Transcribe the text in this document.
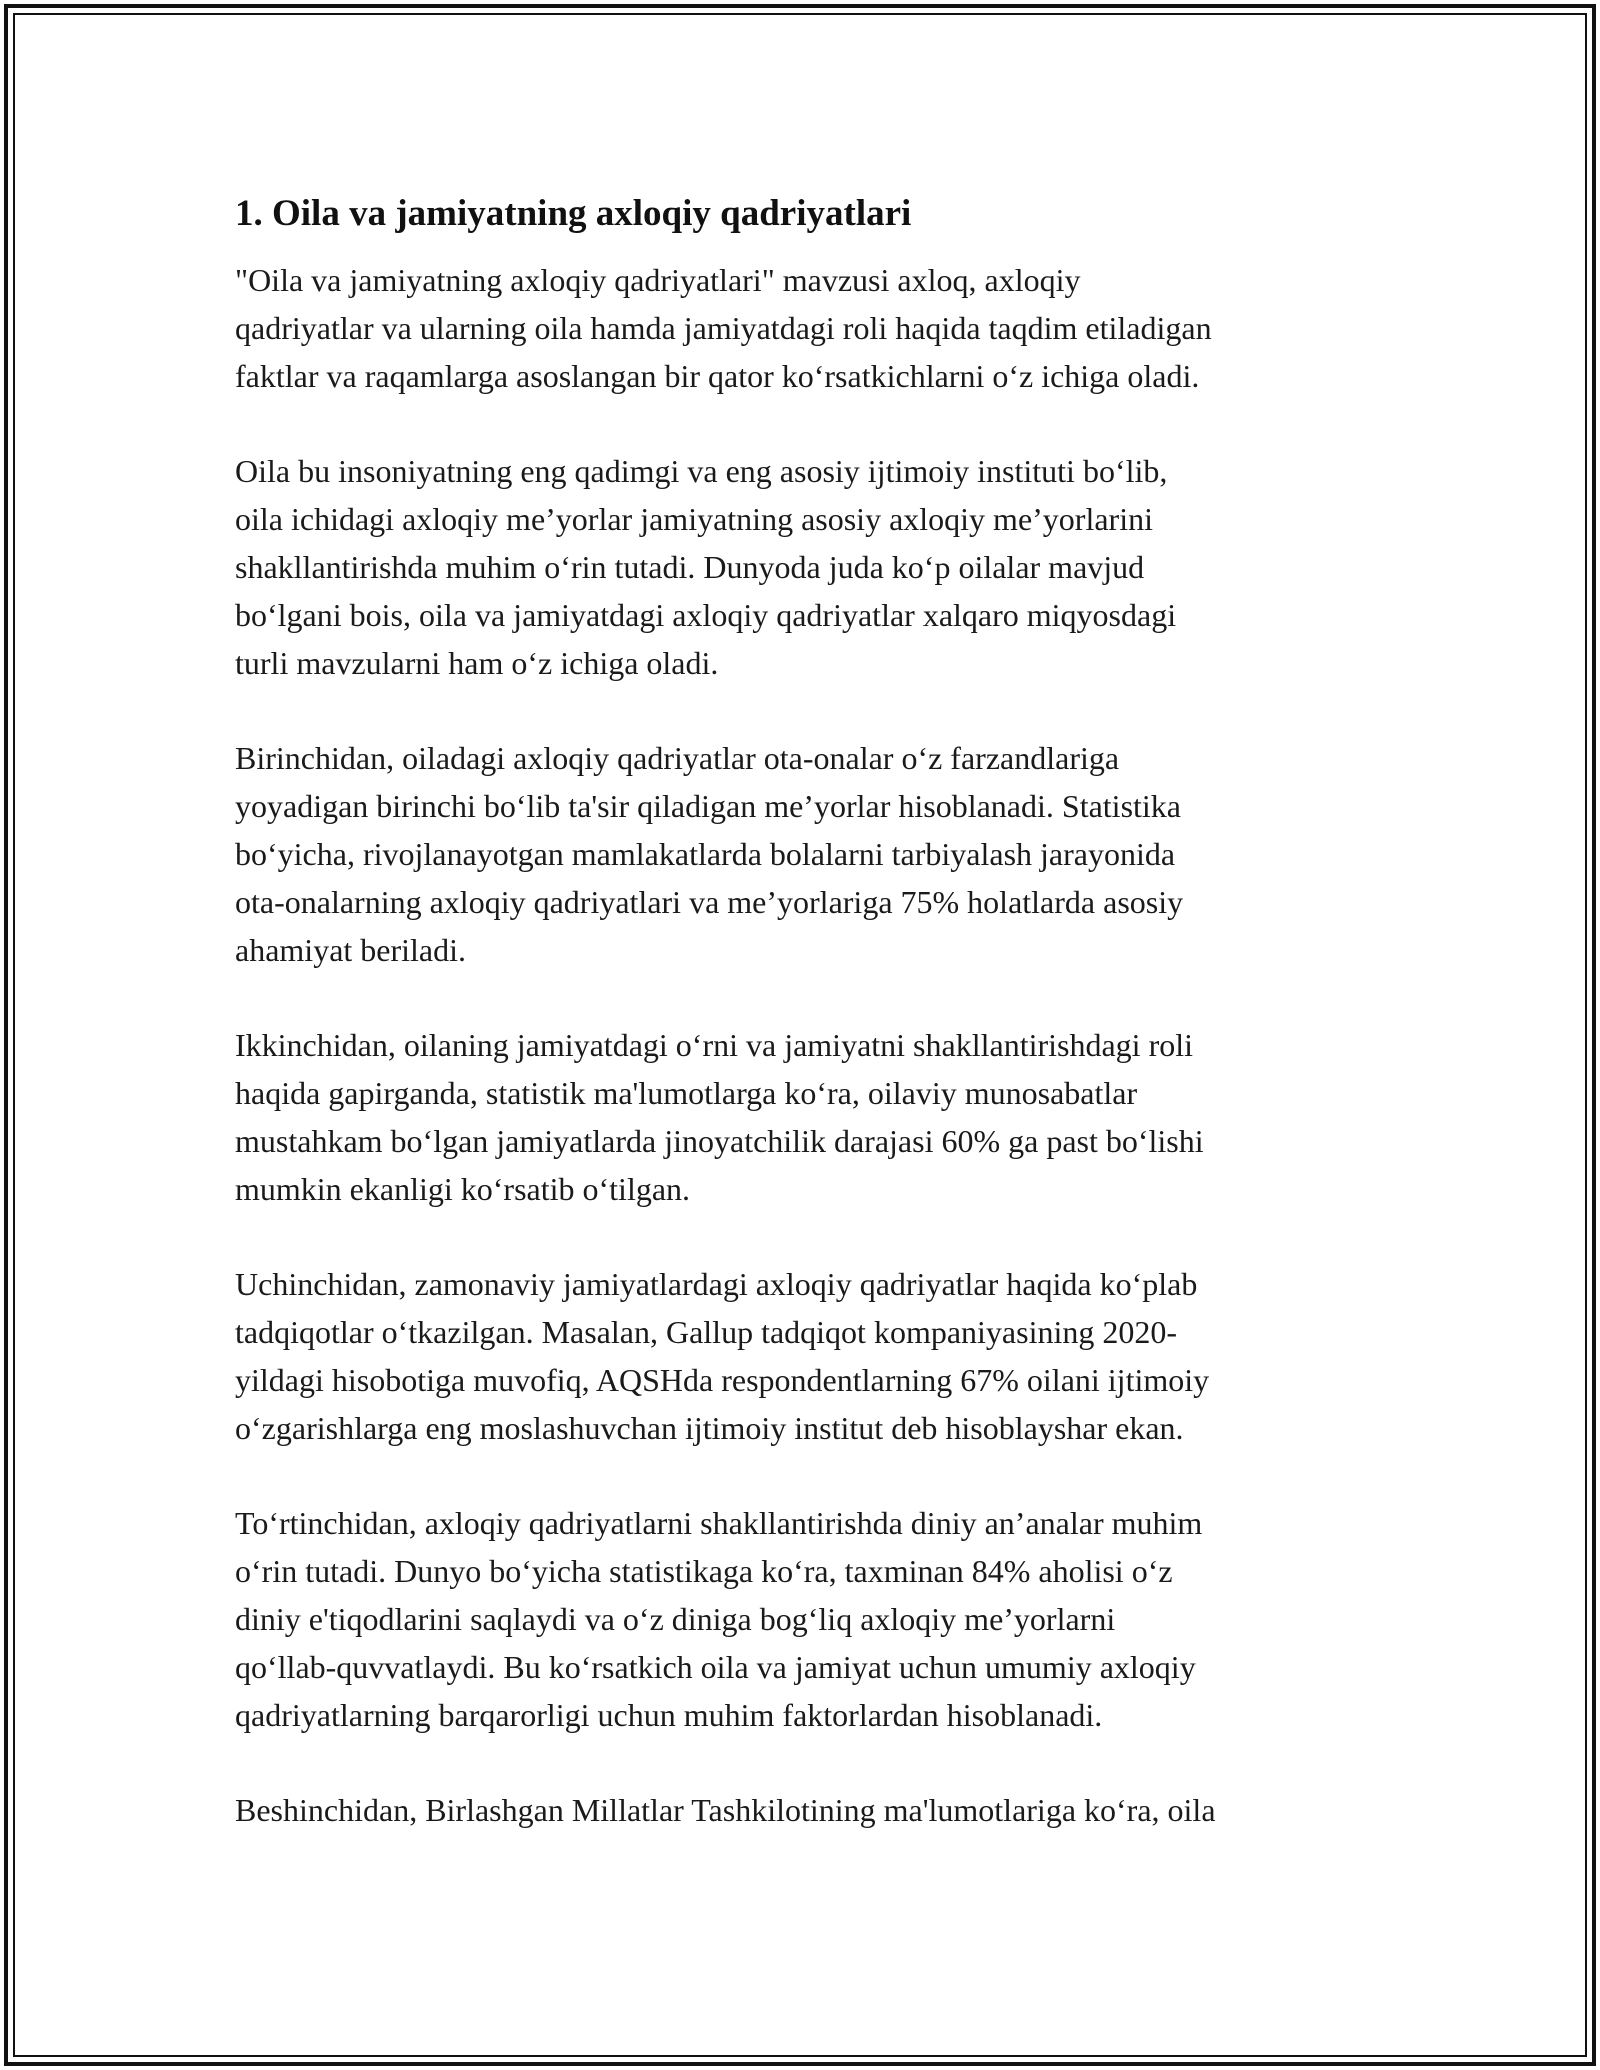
1. Oila va jamiyatning axloqiy qadriyatlari

"Oila va jamiyatning axloqiy qadriyatlari" mavzusi axloq, axloqiy
qadriyatlar va ularning oila hamda jamiyatdagi roli haqida taqdim etiladigan
faktlar va raqamlarga asoslangan bir qator koʻrsatkichlarni oʻz ichiga oladi.

Oila bu insoniyatning eng qadimgi va eng asosiy ijtimoiy instituti boʻlib,
oila ichidagi axloqiy me’yorlar jamiyatning asosiy axloqiy me’yorlarini
shakllantirishda muhim oʻrin tutadi. Dunyoda juda koʻp oilalar mavjud
boʻlgani bois, oila va jamiyatdagi axloqiy qadriyatlar xalqaro miqyosdagi
turli mavzularni ham oʻz ichiga oladi.

Birinchidan, oiladagi axloqiy qadriyatlar ota-onalar oʻz farzandlariga
yoyadigan birinchi boʻlib ta'sir qiladigan me’yorlar hisoblanadi. Statistika
boʻyicha, rivojlanayotgan mamlakatlarda bolalarni tarbiyalash jarayonida
ota-onalarning axloqiy qadriyatlari va me’yorlariga 75% holatlarda asosiy
ahamiyat beriladi.

Ikkinchidan, oilaning jamiyatdagi oʻrni va jamiyatni shakllantirishdagi roli
haqida gapirganda, statistik ma'lumotlarga koʻra, oilaviy munosabatlar
mustahkam boʻlgan jamiyatlarda jinoyatchilik darajasi 60% ga past boʻlishi
mumkin ekanligi koʻrsatib oʻtilgan.

Uchinchidan, zamonaviy jamiyatlardagi axloqiy qadriyatlar haqida koʻplab
tadqiqotlar oʻtkazilgan. Masalan, Gallup tadqiqot kompaniyasining 2020-
yildagi hisobotiga muvofiq, AQSHda respondentlarning 67% oilani ijtimoiy
oʻzgarishlarga eng moslashuvchan ijtimoiy institut deb hisoblayshar ekan.

Toʻrtinchidan, axloqiy qadriyatlarni shakllantirishda diniy an’analar muhim
oʻrin tutadi. Dunyo boʻyicha statistikaga koʻra, taxminan 84% aholisi oʻz
diniy e'tiqodlarini saqlaydi va oʻz diniga bogʻliq axloqiy me’yorlarni
qoʻllab-quvvatlaydi. Bu koʻrsatkich oila va jamiyat uchun umumiy axloqiy
qadriyatlarning barqarorligi uchun muhim faktorlardan hisoblanadi.

Beshinchidan, Birlashgan Millatlar Tashkilotining ma'lumotlariga koʻra, oila
